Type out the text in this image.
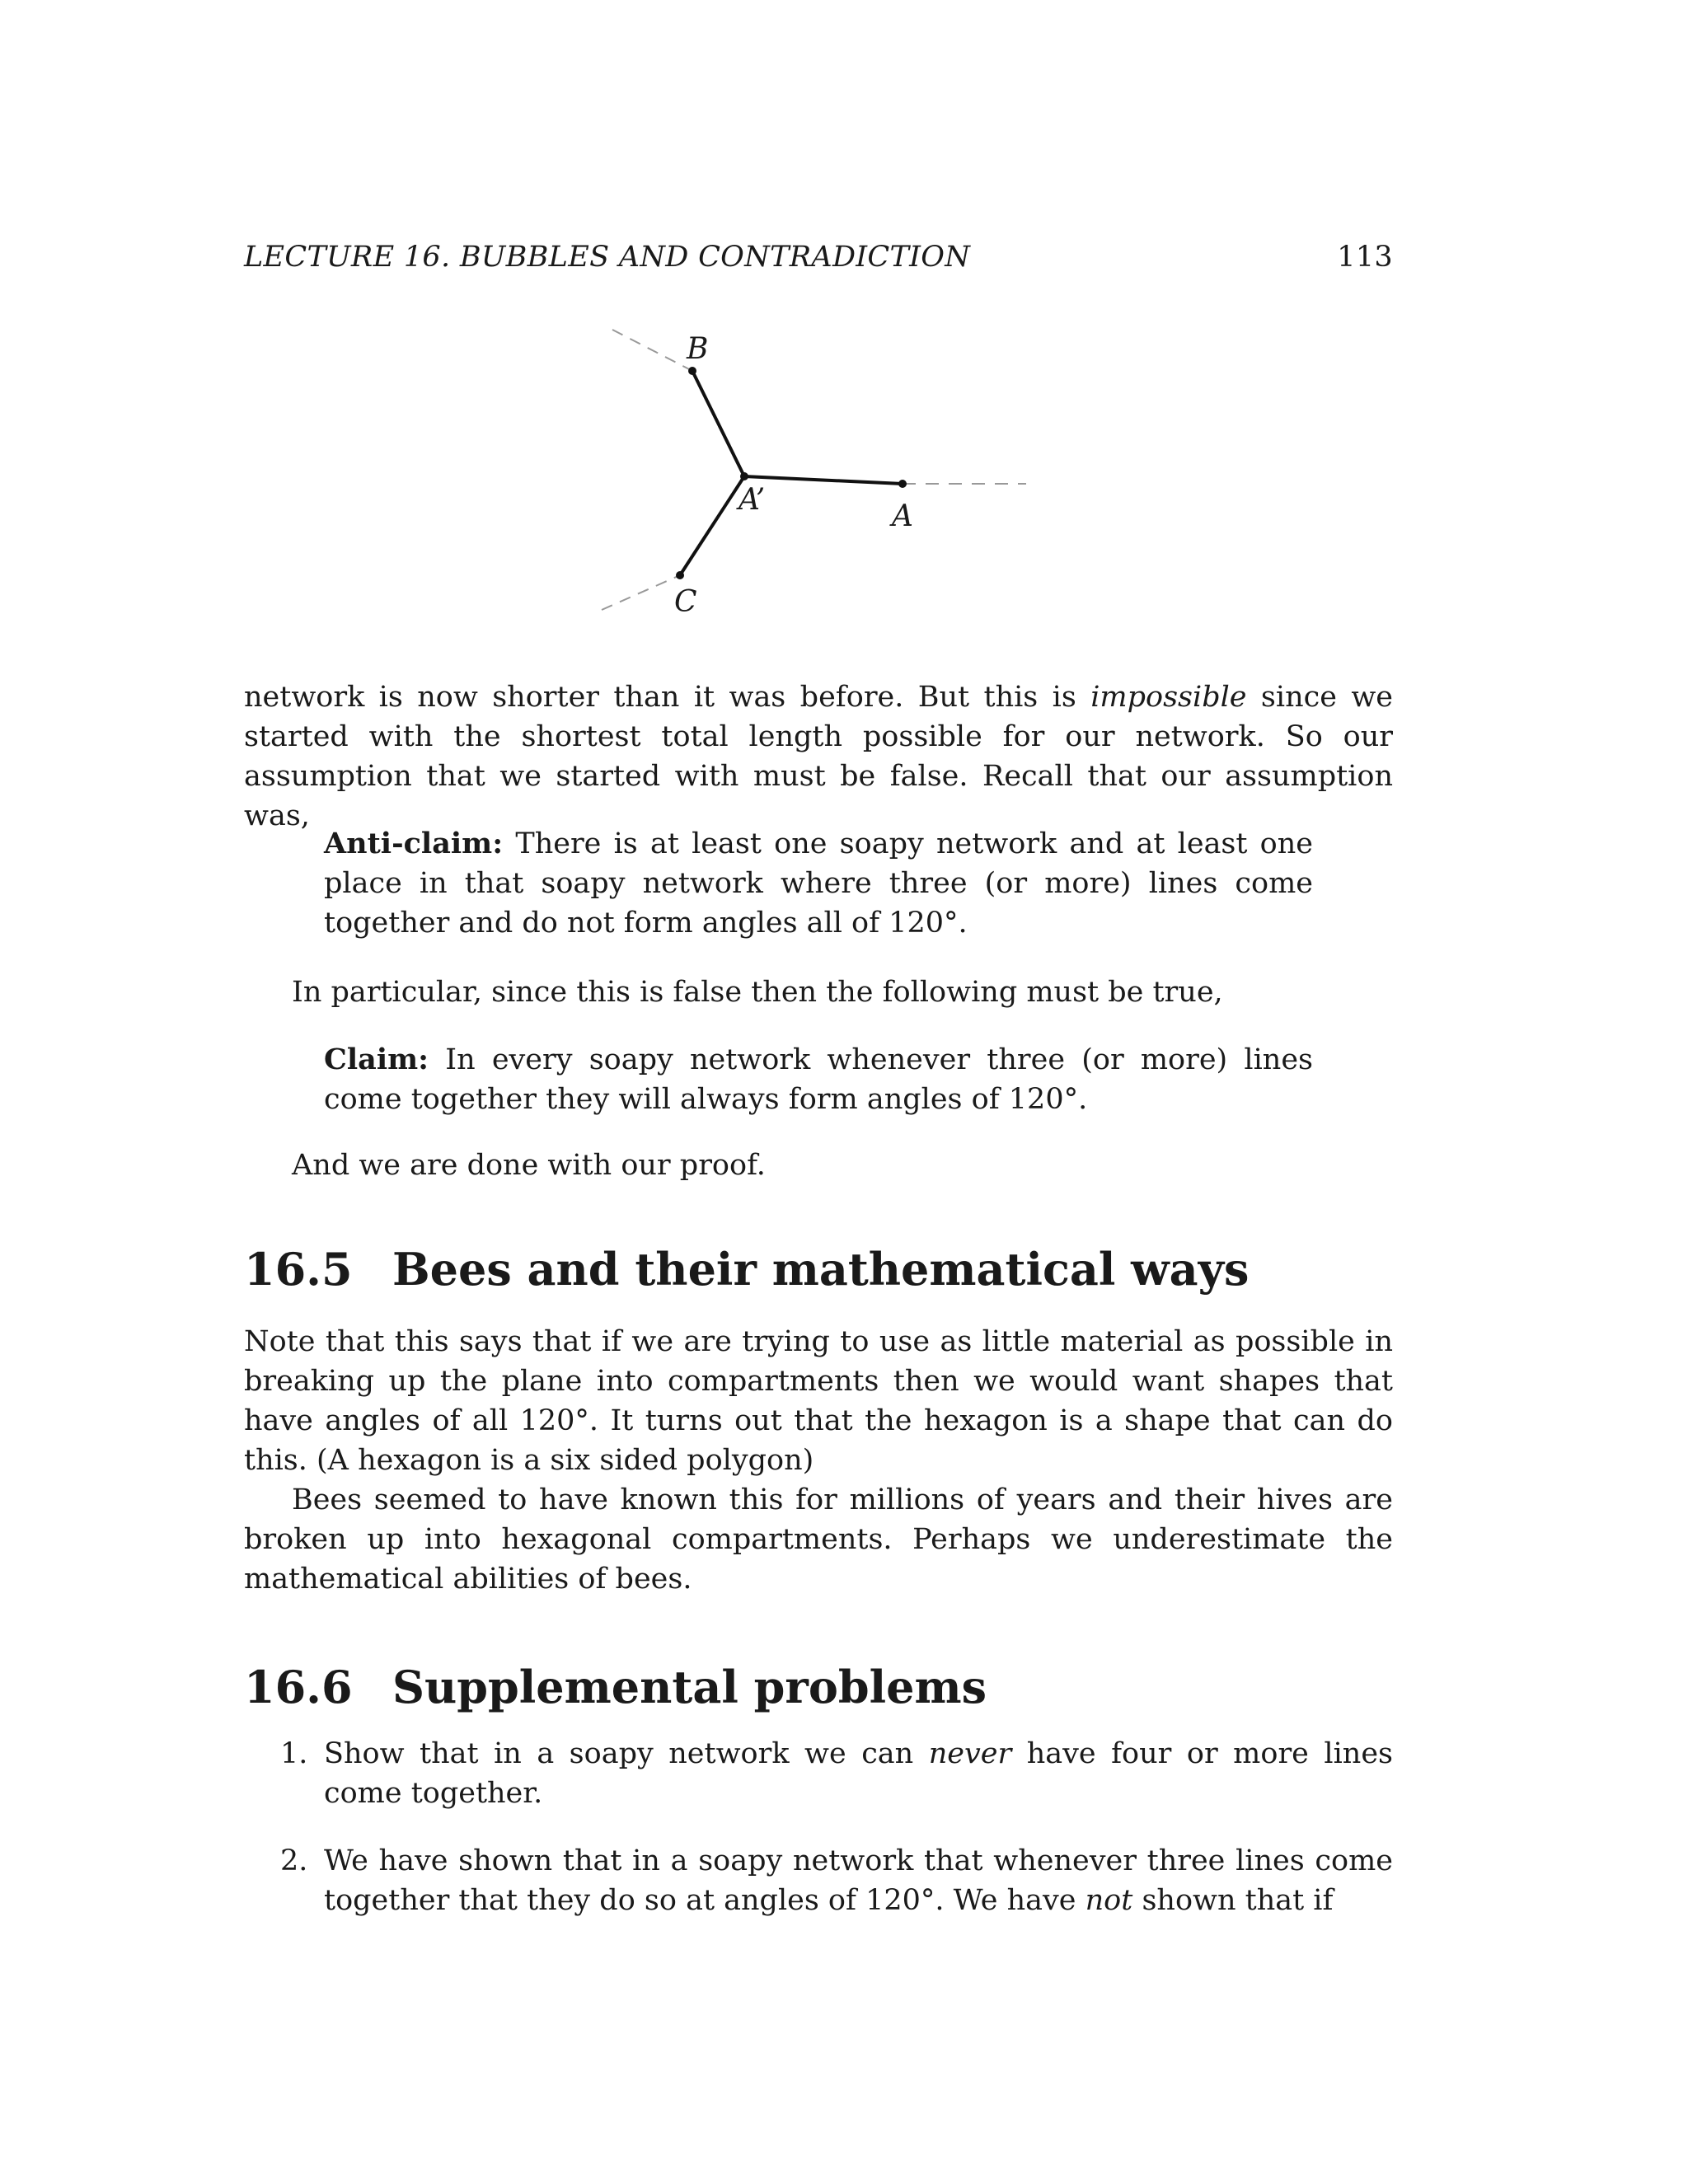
LECTURE 16. BUBBLES AND CONTRADICTION	113
B
A’	A
C
network is now shorter than it was before. But this is impossible since we started with the shortest total length possible for our network. So our assumption that we started with must be false. Recall that our assumption was,
Anti-claim: There is at least one soapy network and at least one place in that soapy network where three (or more) lines come together and do not form angles all of 120°.
In particular, since this is false then the following must be true,
Claim: In every soapy network whenever three (or more) lines come together they will always form angles of 120°.
And we are done with our proof.
16.5 Bees and their mathematical ways
Note that this says that if we are trying to use as little material as possible in breaking up the plane into compartments then we would want shapes that have angles of all 120°. It turns out that the hexagon is a shape that can do this. (A hexagon is a six sided polygon)
Bees seemed to have known this for millions of years and their hives are broken up into hexagonal compartments. Perhaps we underestimate the mathematical abilities of bees.
16.6 Supplemental problems
1. Show that in a soapy network we can never have four or more lines come together.
2. We have shown that in a soapy network that whenever three lines come together that they do so at angles of 120°. We have not shown that if
